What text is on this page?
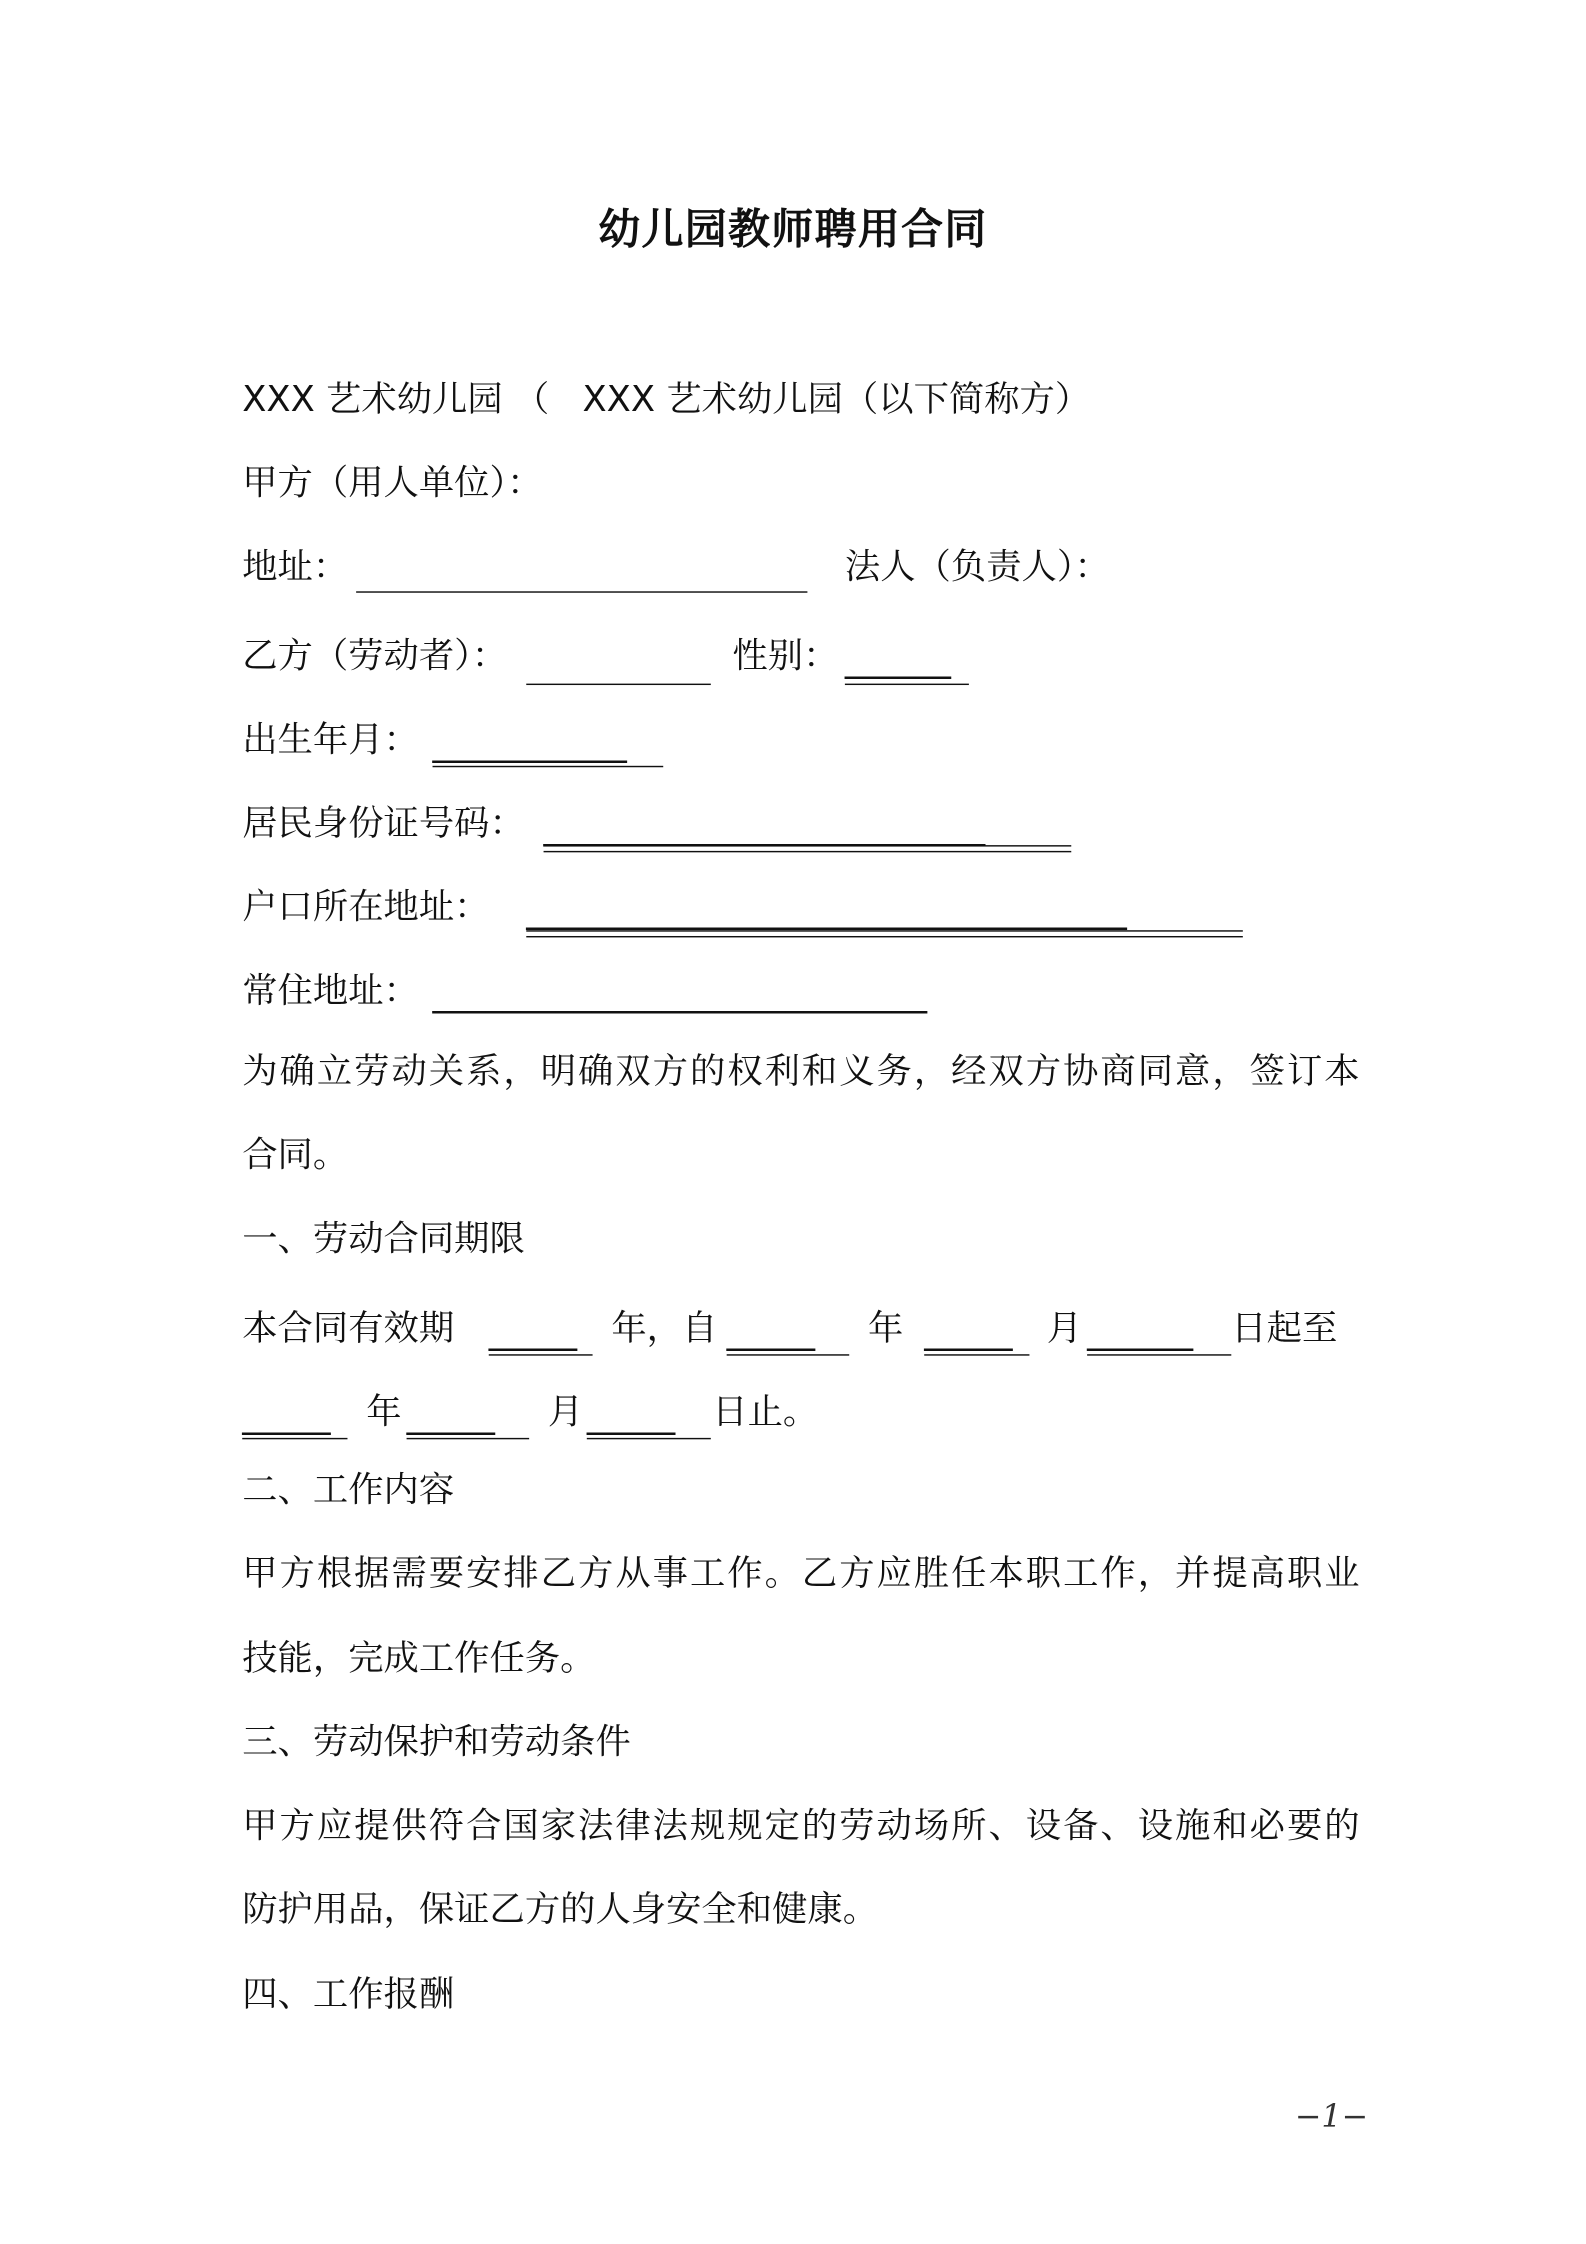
幼儿园教师聘用合同
XXX 艺术幼儿园 （ XXX 艺术幼儿园（以下简称方）
甲方（用人单位）：
地址：	法人（负责人）：
乙方（劳动者）：	性别： ______
出生年月： ___________
居民身份证号码： _________________________
户口所在地址： __________________________________
常住地址： ____________________________
为确立劳动关系，明确双方的权利和义务，经双方协商同意，签订本
合同。
一、劳动合同期限
本合同有效期 _____ 年，自 _____ 年 _____ 月 ______ 日起至
_____ 年 _____ 月 _____ 日止。
二、工作内容
甲方根据需要安排乙方从事工作。乙方应胜任本职工作，并提高职业
技能，完成工作任务。
三、劳动保护和劳动条件
甲方应提供符合国家法律法规规定的劳动场所、设备、设施和必要的
防护用品，保证乙方的人身安全和健康。
四、工作报酬
−1−
